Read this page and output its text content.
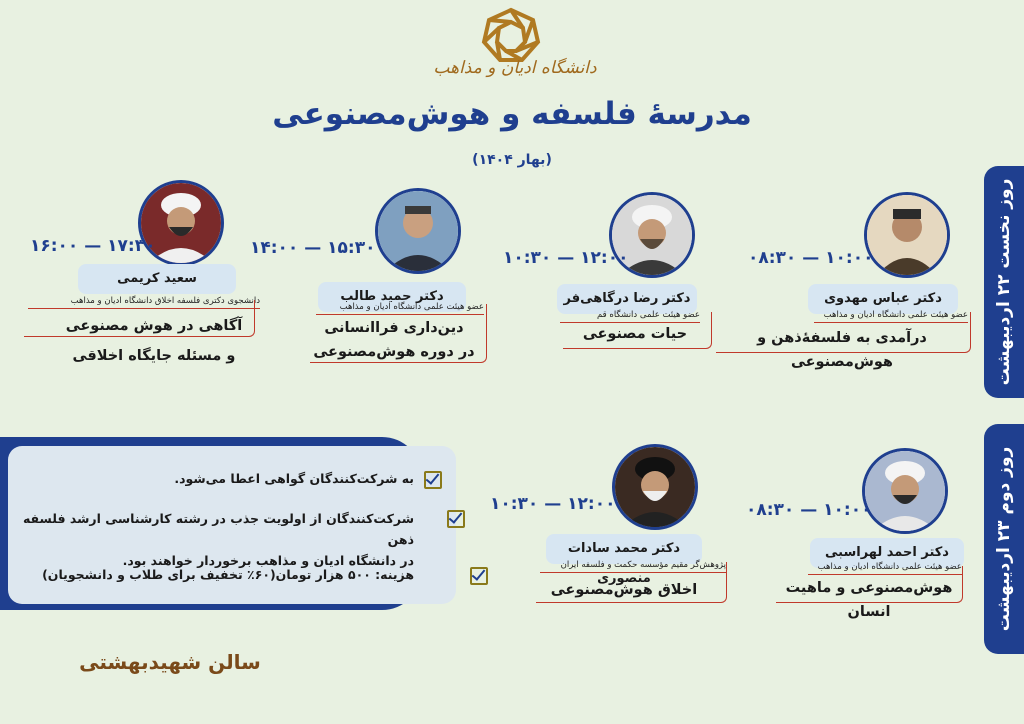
دانشگاه ادیان و مذاهب
مدرسۀ فلسفه و هوش‌مصنوعی
(بهار ۱۴۰۴)
روز نخست ۲۲ اردیبهشت
روز دوم ۲۳ اردیبهشت
۰۸:۳۰ — ۱۰:۰۰
دکتر عباس مهدوی
عضو هیئت علمی دانشگاه ادیان و مذاهب
درآمدی به فلسفۀذهن و هوش‌مصنوعی
۱۰:۳۰ — ۱۲:۰۰
دکتر رضا درگاهی‌فر
عضو هیئت علمی دانشگاه قم
حیات مصنوعی
۱۴:۰۰ — ۱۵:۳۰
دکتر حمید طالب
عضو هیئت علمی دانشگاه ادیان و مذاهب
دین‌داری فراانسانی
در دوره هوش‌مصنوعی
۱۶:۰۰ — ۱۷:۳۰
سعید کریمی
دانشجوی دکتری فلسفه اخلاق دانشگاه ادیان و مذاهب
آگاهی در هوش مصنوعی
و مسئله جایگاه اخلاقی
۰۸:۳۰ — ۱۰:۰۰
دکتر احمد لهراسبی
عضو هیئت علمی دانشگاه ادیان و مذاهب
هوش‌مصنوعی و ماهیت انسان
۱۰:۳۰ — ۱۲:۰۰
دکتر محمد سادات منصوری
پژوهش‌گر مقیم مؤسسه حکمت و فلسفه ایران
اخلاق هوش‌مصنوعی
به شرکت‌کنندگان گواهی اعطا می‌شود.

شرکت‌کنندگان از اولویت جذب در رشته کارشناسی ارشد فلسفه ذهن
در دانشگاه ادیان و مذاهب برخوردار خواهند بود.

هزینه: ۵۰۰ هزار تومان(۶۰٪ تخفیف برای طلاب و دانشجویان)
سالن شهیدبهشتی
